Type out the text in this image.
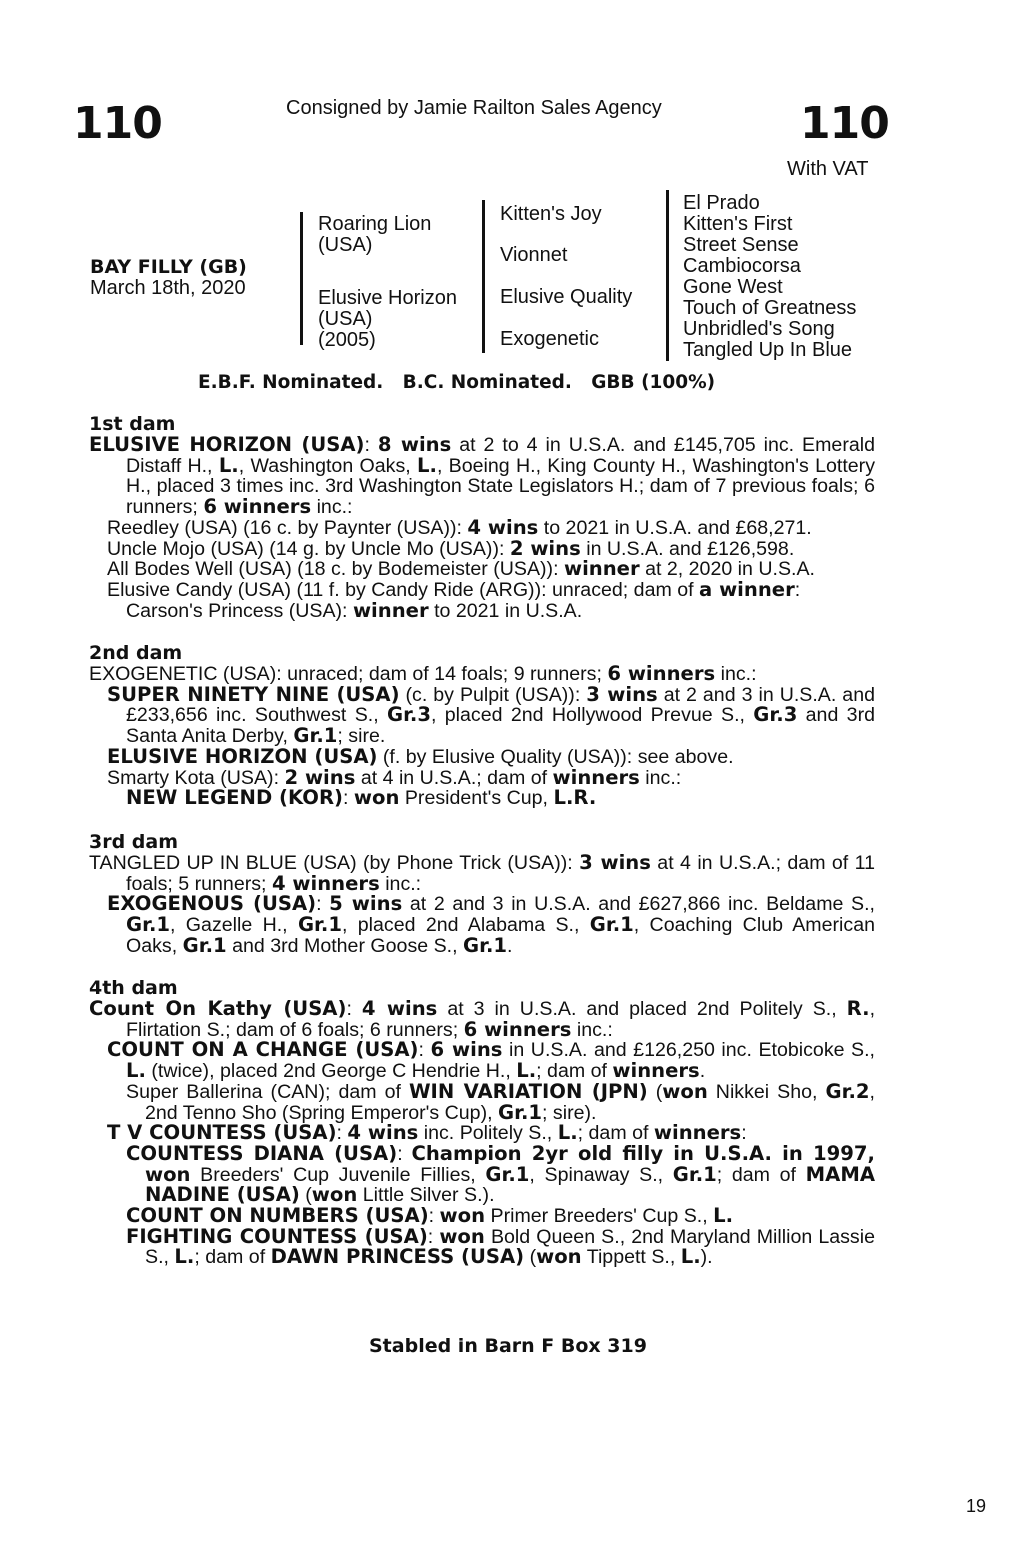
110	110
Consigned by Jamie Railton Sales Agency
With VAT
BAY FILLY (GB)
March 18th, 2020
Roaring Lion
(USA)
Elusive Horizon
(USA)
(2005)
Kitten's Joy
Vionnet
Elusive Quality
Exogenetic
El Prado
Kitten's First
Street Sense
Cambiocorsa
Gone West
Touch of Greatness
Unbridled's Song
Tangled Up In Blue
E.B.F. Nominated.   B.C. Nominated.   GBB (100%)
1st dam

ELUSIVE HORIZON (USA): 8 wins at 2 to 4 in U.S.A. and £145,705 inc. Emerald Distaff H., L., Washington Oaks, L., Boeing H., King County H., Washington's Lottery H., placed 3 times inc. 3rd Washington State Legislators H.; dam of 7 previous foals; 6 runners; 6 winners inc.:

Reedley (USA) (16 c. by Paynter (USA)): 4 wins to 2021 in U.S.A. and £68,271.

Uncle Mojo (USA) (14 g. by Uncle Mo (USA)): 2 wins in U.S.A. and £126,598.

All Bodes Well (USA) (18 c. by Bodemeister (USA)): winner at 2, 2020 in U.S.A.

Elusive Candy (USA) (11 f. by Candy Ride (ARG)): unraced; dam of a winner:

Carson's Princess (USA): winner to 2021 in U.S.A.

2nd dam

EXOGENETIC (USA): unraced; dam of 14 foals; 9 runners; 6 winners inc.:

SUPER NINETY NINE (USA) (c. by Pulpit (USA)): 3 wins at 2 and 3 in U.S.A. and £233,656 inc. Southwest S., Gr.3, placed 2nd Hollywood Prevue S., Gr.3 and 3rd Santa Anita Derby, Gr.1; sire.

ELUSIVE HORIZON (USA) (f. by Elusive Quality (USA)): see above.

Smarty Kota (USA): 2 wins at 4 in U.S.A.; dam of winners inc.:

NEW LEGEND (KOR): won President's Cup, L.R.

3rd dam

TANGLED UP IN BLUE (USA) (by Phone Trick (USA)): 3 wins at 4 in U.S.A.; dam of 11 foals; 5 runners; 4 winners inc.:

EXOGENOUS (USA): 5 wins at 2 and 3 in U.S.A. and £627,866 inc. Beldame S., Gr.1, Gazelle H., Gr.1, placed 2nd Alabama S., Gr.1, Coaching Club American Oaks, Gr.1 and 3rd Mother Goose S., Gr.1.

4th dam

Count On Kathy (USA): 4 wins at 3 in U.S.A. and placed 2nd Politely S., R., Flirtation S.; dam of 6 foals; 6 runners; 6 winners inc.:

COUNT ON A CHANGE (USA): 6 wins in U.S.A. and £126,250 inc. Etobicoke S., L. (twice), placed 2nd George C Hendrie H., L.; dam of winners.

Super Ballerina (CAN); dam of WIN VARIATION (JPN) (won Nikkei Sho, Gr.2, 2nd Tenno Sho (Spring Emperor's Cup), Gr.1; sire).

T V COUNTESS (USA): 4 wins inc. Politely S., L.; dam of winners:

COUNTESS DIANA (USA): Champion 2yr old filly in U.S.A. in 1997, won Breeders' Cup Juvenile Fillies, Gr.1, Spinaway S., Gr.1; dam of MAMA NADINE (USA) (won Little Silver S.).

COUNT ON NUMBERS (USA): won Primer Breeders' Cup S., L.

FIGHTING COUNTESS (USA): won Bold Queen S., 2nd Maryland Million Lassie S., L.; dam of DAWN PRINCESS (USA) (won Tippett S., L.).

Stabled in Barn F Box 319
19
